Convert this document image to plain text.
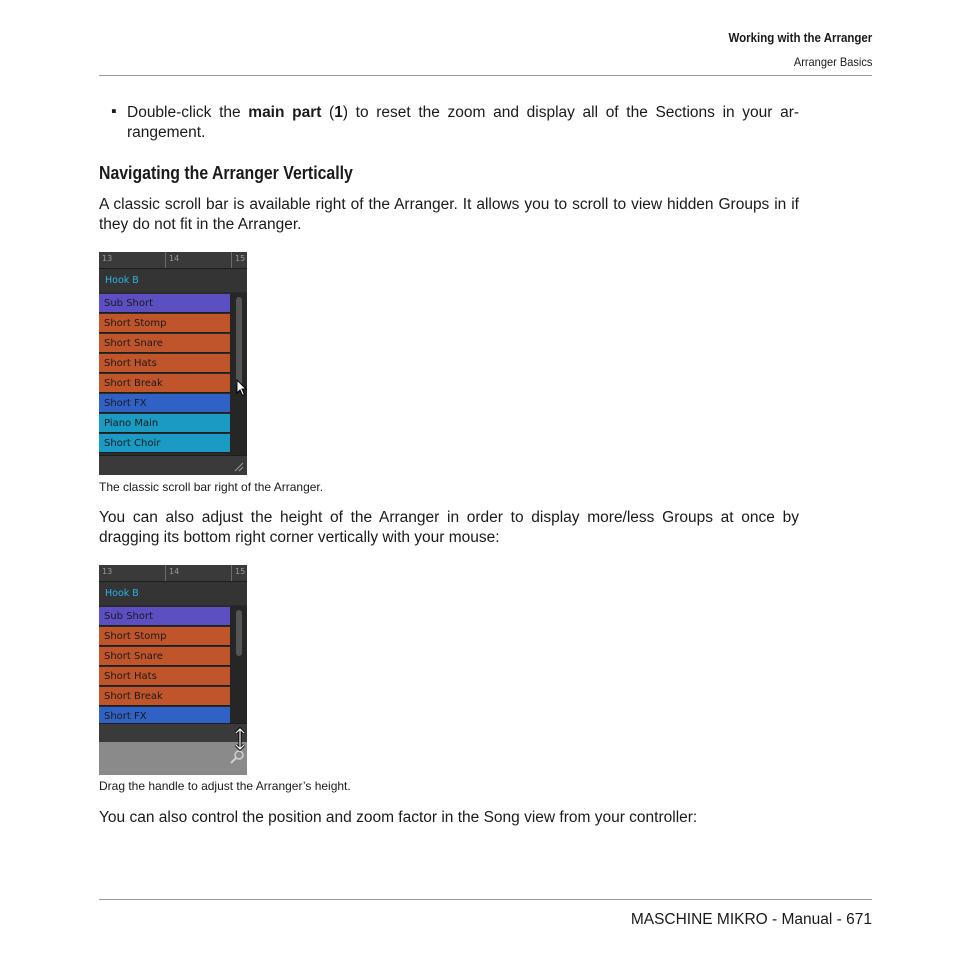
Working with the Arranger
Arranger Basics
▪ Double-click the main part (1) to reset the zoom and display all of the Sections in your ar- rangement.
Navigating the Arranger Vertically
A classic scroll bar is available right of the Arranger. It allows you to scroll to view hidden Groups in if they do not fit in the Arranger.
13	14	15
Hook B
Sub Short
Short Stomp
Short Snare
Short Hats
Short Break
Short FX
Piano Main
Short Choir
The classic scroll bar right of the Arranger.
You can also adjust the height of the Arranger in order to display more/less Groups at once by dragging its bottom right corner vertically with your mouse:
13	14	15
Hook B
Sub Short
Short Stomp
Short Snare
Short Hats
Short Break
Short FX
Drag the handle to adjust the Arranger’s height.
You can also control the position and zoom factor in the Song view from your controller:
MASCHINE MIKRO - Manual - 671
